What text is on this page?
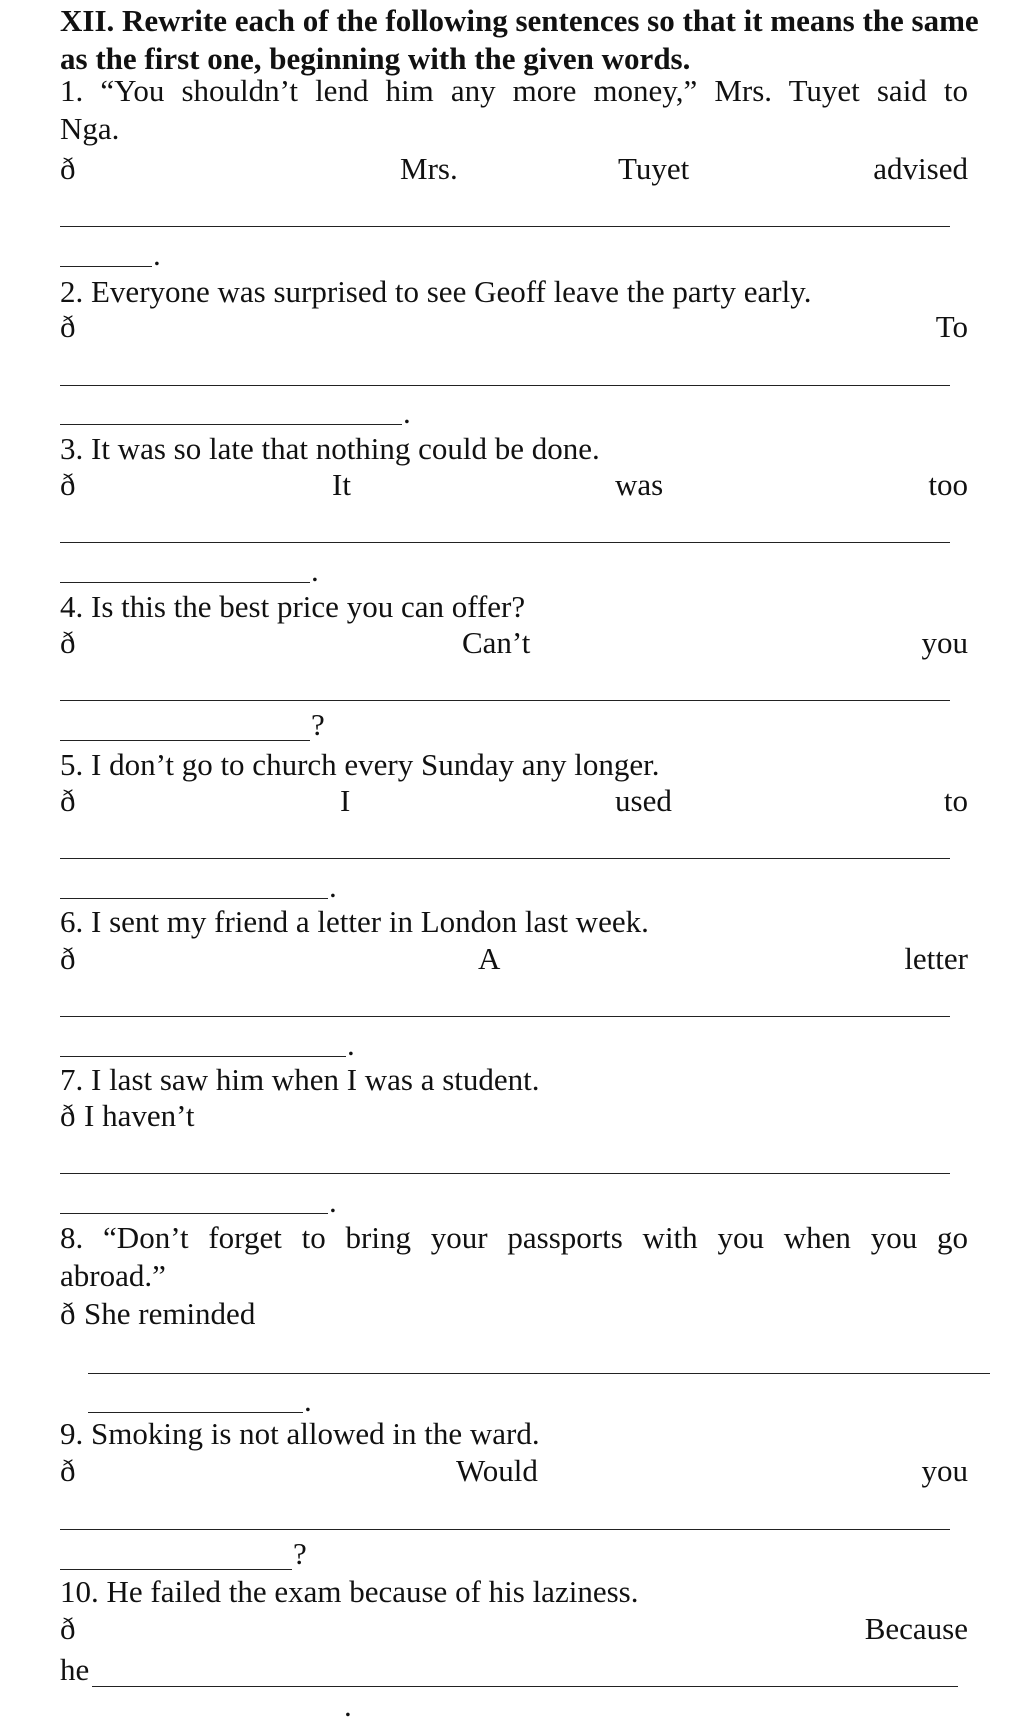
XII. Rewrite each of the following sentences so that it means the same as the first one, beginning with the given words.

1. “You shouldn’t lend him any more money,” Mrs. Tuyet said to
Nga.
ð	Mrs.	Tuyet	advised
.
2. Everyone was surprised to see Geoff leave the party early.
ð	To
.
3. It was so late that nothing could be done.
ð	It	was	too
.
4. Is this the best price you can offer?
ð	Can’t	you
?
5. I don’t go to church every Sunday any longer.
ð	I	used	to
.
6. I sent my friend a letter in London last week.
ð	A	letter
.
7. I last saw him when I was a student.
ð I haven’t
.
8. “Don’t forget to bring your passports with you when you go
abroad.”
ð She reminded
.
9. Smoking is not allowed in the ward.
ð	Would	you
?
10. He failed the exam because of his laziness.
ð	Because
he
.
